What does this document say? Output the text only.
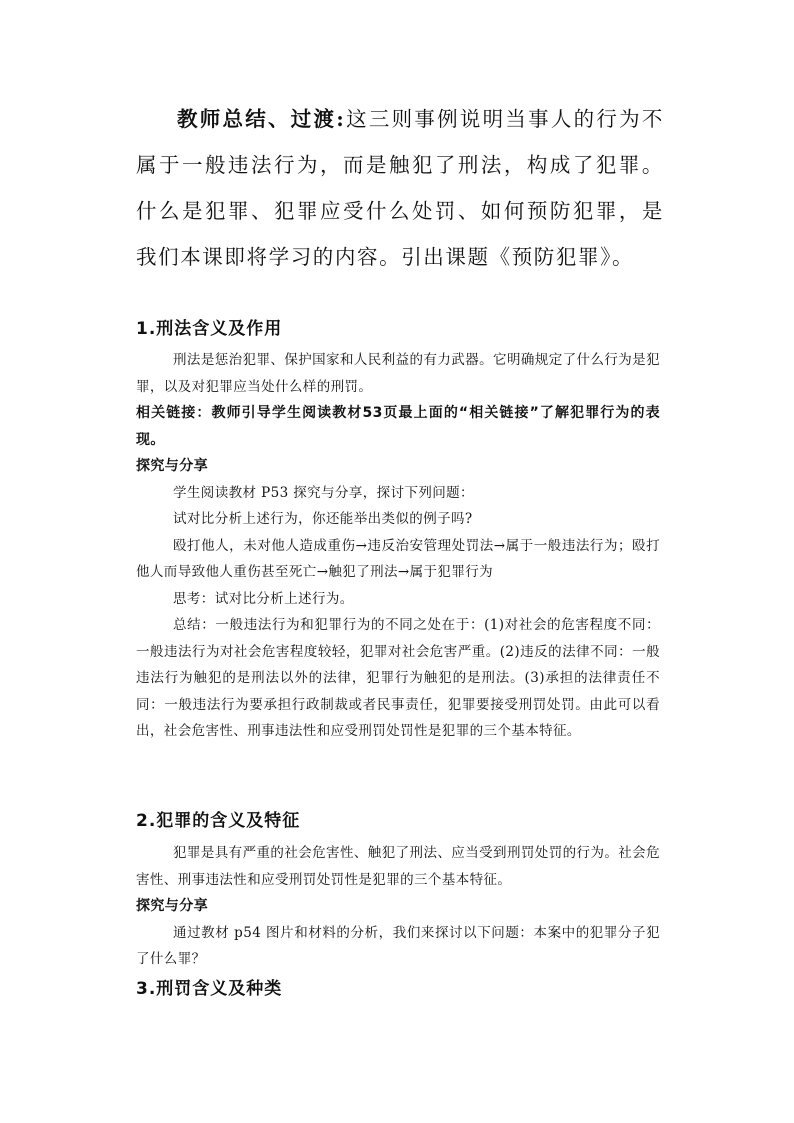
教师总结、过渡:这三则事例说明当事人的行为不属于一般违法行为，而是触犯了刑法，构成了犯罪。什么是犯罪、犯罪应受什么处罚、如何预防犯罪，是我们本课即将学习的内容。引出课题《预防犯罪》。
1.刑法含义及作用

刑法是惩治犯罪、保护国家和人民利益的有力武器。它明确规定了什么行为是犯罪，以及对犯罪应当处什么样的刑罚。

相关链接：教师引导学生阅读教材53页最上面的“相关链接”了解犯罪行为的表现。

探究与分享

学生阅读教材 P53 探究与分享，探讨下列问题：

试对比分析上述行为，你还能举出类似的例子吗?

殴打他人，未对他人造成重伤→违反治安管理处罚法→属于一般违法行为；殴打他人而导致他人重伤甚至死亡→触犯了刑法→属于犯罪行为

思考：试对比分析上述行为。

总结：一般违法行为和犯罪行为的不同之处在于：(1)对社会的危害程度不同：一般违法行为对社会危害程度较轻，犯罪对社会危害严重。(2)违反的法律不同：一般违法行为触犯的是刑法以外的法律，犯罪行为触犯的是刑法。(3)承担的法律责任不同：一般违法行为要承担行政制裁或者民事责任，犯罪要接受刑罚处罚。由此可以看出，社会危害性、刑事违法性和应受刑罚处罚性是犯罪的三个基本特征。

2.犯罪的含义及特征

犯罪是具有严重的社会危害性、触犯了刑法、应当受到刑罚处罚的行为。社会危害性、刑事违法性和应受刑罚处罚性是犯罪的三个基本特征。

探究与分享

通过教材 p54 图片和材料的分析，我们来探讨以下问题：本案中的犯罪分子犯了什么罪？

3.刑罚含义及种类
